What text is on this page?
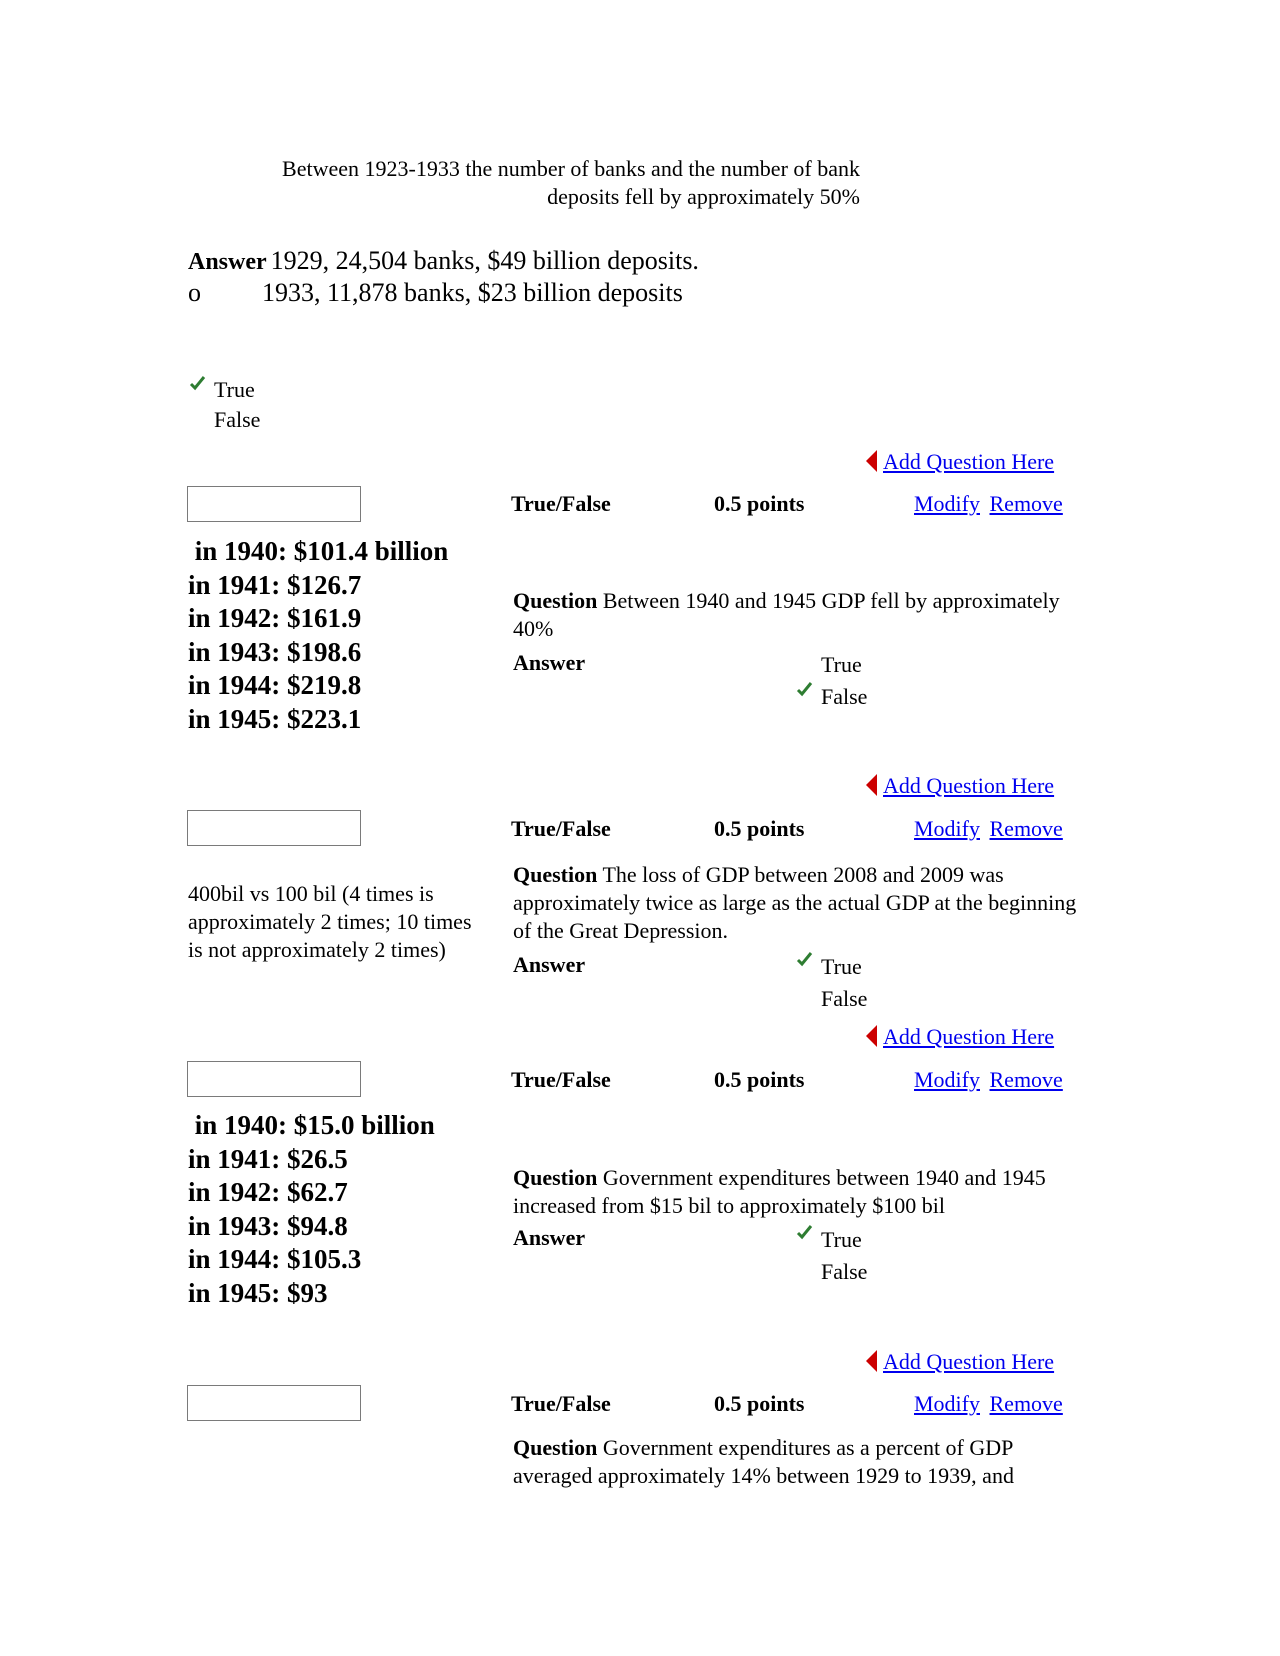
Between 1923-1933 the number of banks and the number of bank
deposits fell by approximately 50%
Answer 1929, 24,504 banks, $49 billion deposits.
o 1933, 11,878 banks, $23 billion deposits
True
False
Add Question Here
True/False	0.5 points	Modify Remove
in 1940: $101.4 billion
in 1941: $126.7
in 1942: $161.9
in 1943: $198.6
in 1944: $219.8
in 1945: $223.1
Question Between 1940 and 1945 GDP fell by approximately 40%
Answer	True
False
Add Question Here
True/False	0.5 points	Modify Remove
400bil vs 100 bil (4 times is approximately 2 times; 10 times is not approximately 2 times)
Question The loss of GDP between 2008 and 2009 was approximately twice as large as the actual GDP at the beginning of the Great Depression.
Answer	True
False
Add Question Here
True/False	0.5 points	Modify Remove
in 1940: $15.0 billion
in 1941: $26.5
in 1942: $62.7
in 1943: $94.8
in 1944: $105.3
in 1945: $93
Question Government expenditures between 1940 and 1945 increased from $15 bil to approximately $100 bil
Answer	True
False
Add Question Here
True/False	0.5 points	Modify Remove
Question Government expenditures as a percent of GDP averaged approximately 14% between 1929 to 1939, and
